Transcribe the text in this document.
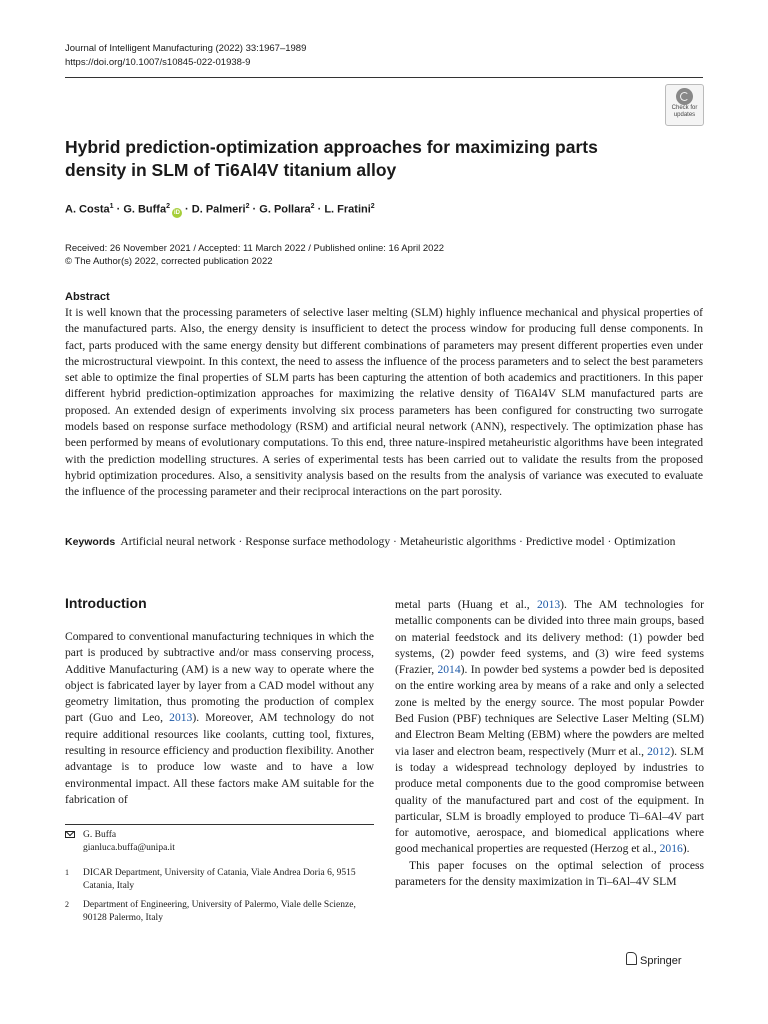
Journal of Intelligent Manufacturing (2022) 33:1967–1989
https://doi.org/10.1007/s10845-022-01938-9
Check for
updates
Hybrid prediction-optimization approaches for maximizing parts density in SLM of Ti6Al4V titanium alloy
A. Costa$^1$ · G. Buffa$^2$iD · D. Palmeri$^2$ · G. Pollara$^2$ · L. Fratini$^2$
Received: 26 November 2021 / Accepted: 11 March 2022 / Published online: 16 April 2022
© The Author(s) 2022, corrected publication 2022
Abstract
It is well known that the processing parameters of selective laser melting (SLM) highly influence mechanical and physical properties of the manufactured parts. Also, the energy density is insufficient to detect the process window for producing full dense components. In fact, parts produced with the same energy density but different combinations of parameters may present different properties even under the microstructural viewpoint. In this context, the need to assess the influence of the process parameters and to select the best parameters set able to optimize the final properties of SLM parts has been capturing the attention of both academics and practitioners. In this paper different hybrid prediction-optimization approaches for maximizing the relative density of Ti6Al4V SLM manufactured parts are proposed. An extended design of experiments involving six process parameters has been configured for constructing two surrogate models based on response surface methodology (RSM) and artificial neural network (ANN), respectively. The optimization phase has been performed by means of evolutionary computations. To this end, three nature-inspired metaheuristic algorithms have been integrated with the prediction modelling structures. A series of experimental tests has been carried out to validate the results from the proposed hybrid optimization procedures. Also, a sensitivity analysis based on the results from the analysis of variance was executed to evaluate the influence of the processing parameter and their reciprocal interactions on the part porosity.
Keywords Artificial neural network · Response surface methodology · Metaheuristic algorithms · Predictive model · Optimization
Introduction

Compared to conventional manufacturing techniques in which the part is produced by subtractive and/or mass conserving process, Additive Manufacturing (AM) is a new way to operate where the object is fabricated layer by layer from a CAD model without any geometry limitation, thus promoting the production of complex part (Guo and Leo, 2013). Moreover, AM technology do not require additional resources like coolants, cutting tool, fixtures, resulting in resource efficiency and production flexibility. Another advantage is to produce low waste and to have a low environmental impact. All these factors make AM suitable for the fabrication of

metal parts (Huang et al., 2013). The AM technologies for metallic components can be divided into three main groups, based on material feedstock and its delivery method: (1) powder bed systems, (2) powder feed systems, and (3) wire feed systems (Frazier, 2014). In powder bed systems a powder bed is deposited on the entire working area by means of a rake and only a selected zone is melted by the energy source. The most popular Powder Bed Fusion (PBF) techniques are Selective Laser Melting (SLM) and Electron Beam Melting (EBM) where the powders are melted via laser and electron beam, respectively (Murr et al., 2012). SLM is today a widespread technology deployed by industries to produce metal components due to the good compromise between quality of the manufactured part and cost of the equipment. In particular, SLM is broadly employed to produce Ti–6Al–4V part for automotive, aerospace, and biomedical applications where good mechanical properties are requested (Herzog et al., 2016).

This paper focuses on the optimal selection of process parameters for the density maximization in Ti–6Al–4V SLM

G. Buffa
gianluca.buffa@unipa.it
1 DICAR Department, University of Catania, Viale Andrea Doria 6, 9515 Catania, Italy
2 Department of Engineering, University of Palermo, Viale delle Scienze, 90128 Palermo, Italy
Springer
